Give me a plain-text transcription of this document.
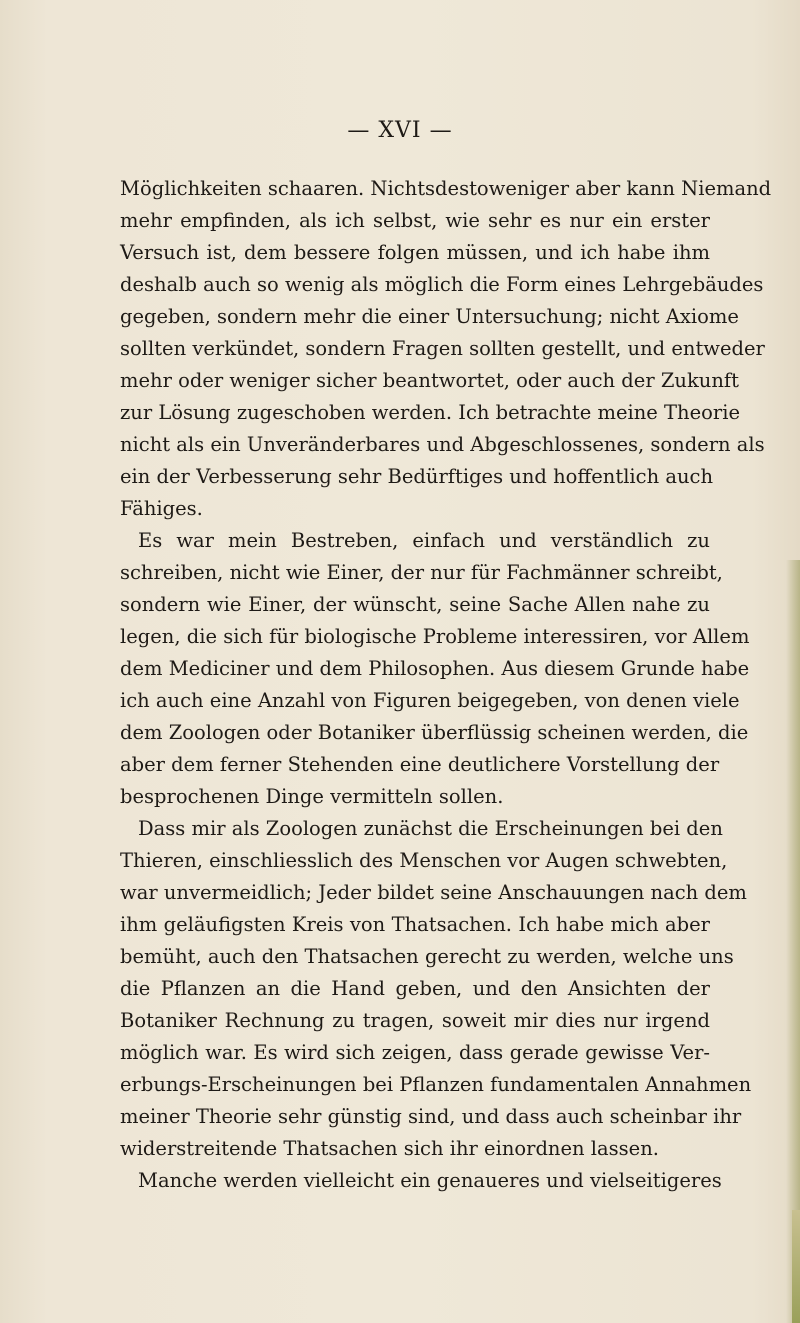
— XVI —
Möglichkeiten schaaren. Nichtsdestoweniger aber kann Niemand
mehr empfinden, als ich selbst, wie sehr es nur ein erster
Versuch ist, dem bessere folgen müssen, und ich habe ihm
deshalb auch so wenig als möglich die Form eines Lehrgebäudes
gegeben, sondern mehr die einer Untersuchung; nicht Axiome
sollten verkündet, sondern Fragen sollten gestellt, und entweder
mehr oder weniger sicher beantwortet, oder auch der Zukunft
zur Lösung zugeschoben werden. Ich betrachte meine Theorie
nicht als ein Unveränderbares und Abgeschlossenes, sondern als
ein der Verbesserung sehr Bedürftiges und hoffentlich auch
Fähiges.
Es war mein Bestreben, einfach und verständlich zu
schreiben, nicht wie Einer, der nur für Fachmänner schreibt,
sondern wie Einer, der wünscht, seine Sache Allen nahe zu
legen, die sich für biologische Probleme interessiren, vor Allem
dem Mediciner und dem Philosophen. Aus diesem Grunde habe
ich auch eine Anzahl von Figuren beigegeben, von denen viele
dem Zoologen oder Botaniker überflüssig scheinen werden, die
aber dem ferner Stehenden eine deutlichere Vorstellung der
besprochenen Dinge vermitteln sollen.
Dass mir als Zoologen zunächst die Erscheinungen bei den
Thieren, einschliesslich des Menschen vor Augen schwebten,
war unvermeidlich; Jeder bildet seine Anschauungen nach dem
ihm geläufigsten Kreis von Thatsachen. Ich habe mich aber
bemüht, auch den Thatsachen gerecht zu werden, welche uns
die Pflanzen an die Hand geben, und den Ansichten der
Botaniker Rechnung zu tragen, soweit mir dies nur irgend
möglich war. Es wird sich zeigen, dass gerade gewisse Ver-
erbungs-Erscheinungen bei Pflanzen fundamentalen Annahmen
meiner Theorie sehr günstig sind, und dass auch scheinbar ihr
widerstreitende Thatsachen sich ihr einordnen lassen.
Manche werden vielleicht ein genaueres und vielseitigeres
